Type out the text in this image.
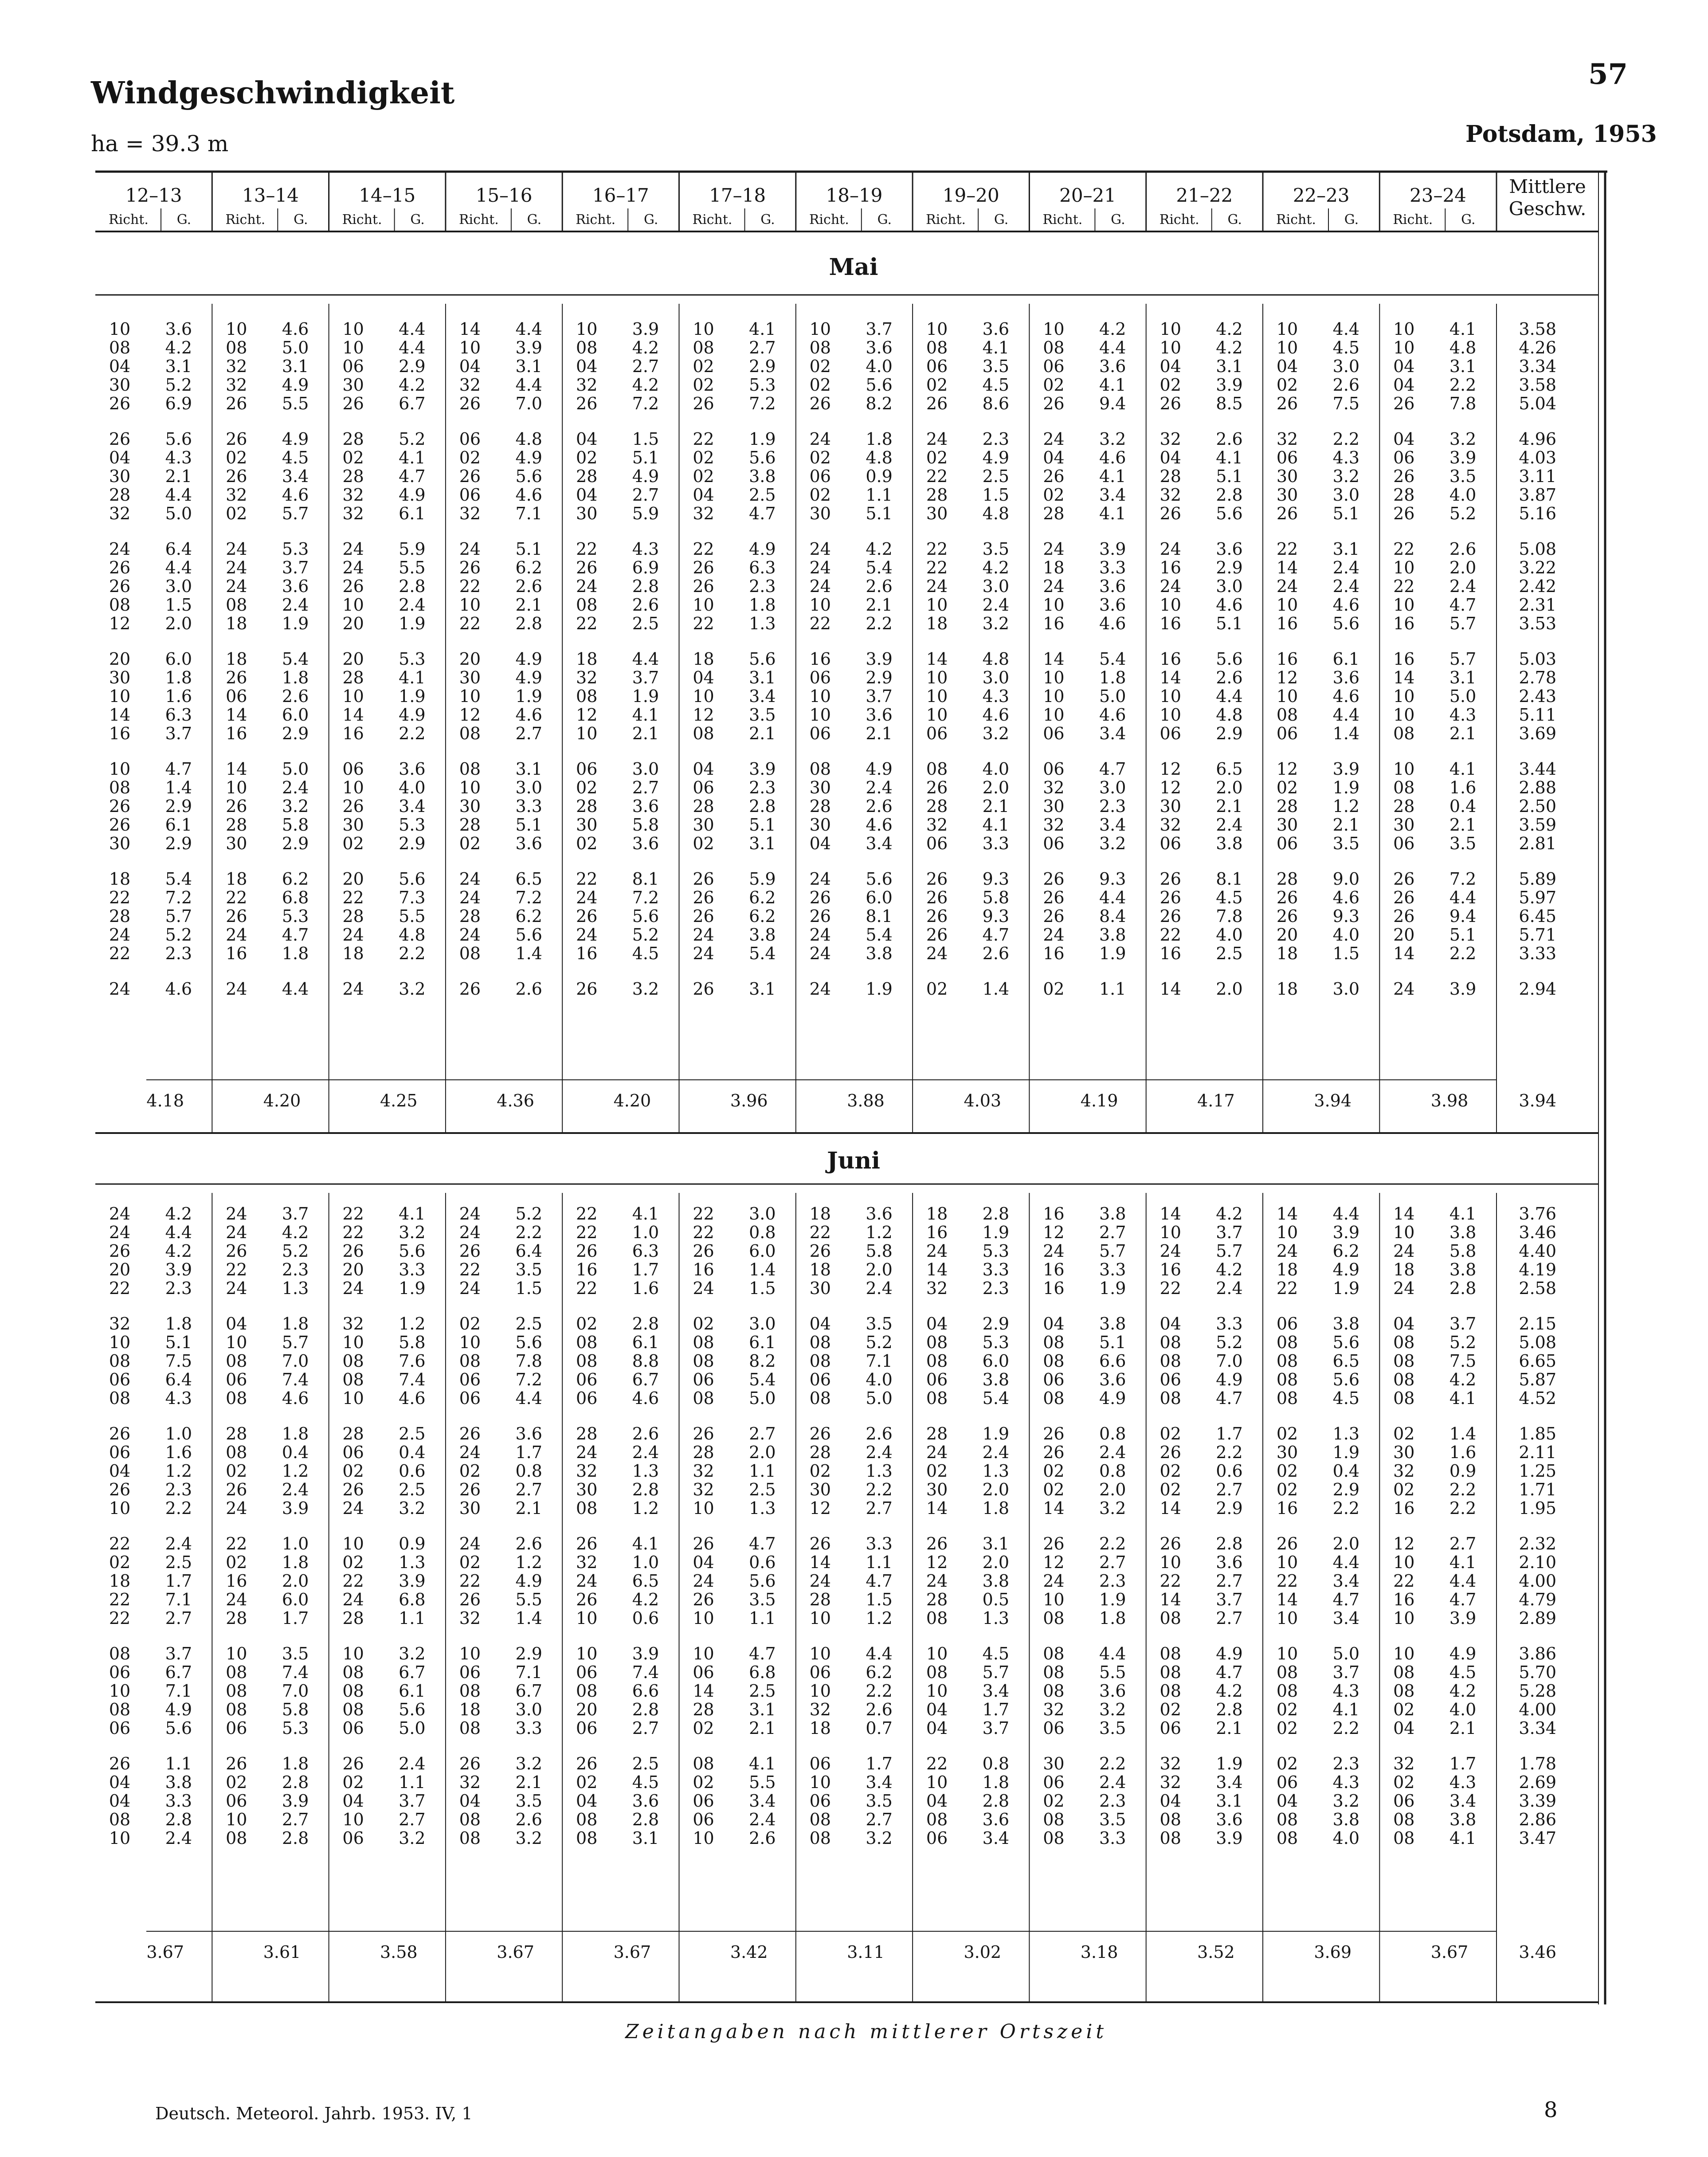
Windgeschwindigkeit
57
ha = 39.3 m	Potsdam, 1953
12–13
Richt. G.
13–14
Richt. G.
14–15
Richt. G.
15–16
Richt. G.
16–17
Richt. G.
17–18
Richt. G.
18–19
Richt. G.
19–20
Richt. G.
20–21
Richt. G.
21–22
Richt. G.
22–23
Richt. G.
23–24
Richt. G.
Mittlere
Geschw.
Mai
10 3.6 10 4.6 10 4.4 14 4.4 10 3.9 10 4.1 10 3.7 10 3.6 10 4.2 10 4.2 10 4.4 10 4.1	3.58
08 4.2 08 5.0 10 4.4 10 3.9 08 4.2 08 2.7 08 3.6 08 4.1 08 4.4 10 4.2 10 4.5 10 4.8	4.26
04 3.1 32 3.1 06 2.9 04 3.1 04 2.7 02 2.9 02 4.0 06 3.5 06 3.6 04 3.1 04 3.0 04 3.1	3.34
30 5.2 32 4.9 30 4.2 32 4.4 32 4.2 02 5.3 02 5.6 02 4.5 02 4.1 02 3.9 02 2.6 04 2.2	3.58
26 6.9 26 5.5 26 6.7 26 7.0 26 7.2 26 7.2 26 8.2 26 8.6 26 9.4 26 8.5 26 7.5 26 7.8	5.04
26 5.6 26 4.9 28 5.2 06 4.8 04 1.5 22 1.9 24 1.8 24 2.3 24 3.2 32 2.6 32 2.2 04 3.2	4.96
04 4.3 02 4.5 02 4.1 02 4.9 02 5.1 02 5.6 02 4.8 02 4.9 04 4.6 04 4.1 06 4.3 06 3.9	4.03
30 2.1 26 3.4 28 4.7 26 5.6 28 4.9 02 3.8 06 0.9 22 2.5 26 4.1 28 5.1 30 3.2 26 3.5	3.11
28 4.4 32 4.6 32 4.9 06 4.6 04 2.7 04 2.5 02 1.1 28 1.5 02 3.4 32 2.8 30 3.0 28 4.0	3.87
32 5.0 02 5.7 32 6.1 32 7.1 30 5.9 32 4.7 30 5.1 30 4.8 28 4.1 26 5.6 26 5.1 26 5.2	5.16
24 6.4 24 5.3 24 5.9 24 5.1 22 4.3 22 4.9 24 4.2 22 3.5 24 3.9 24 3.6 22 3.1 22 2.6	5.08
26 4.4 24 3.7 24 5.5 26 6.2 26 6.9 26 6.3 24 5.4 22 4.2 18 3.3 16 2.9 14 2.4 10 2.0	3.22
26 3.0 24 3.6 26 2.8 22 2.6 24 2.8 26 2.3 24 2.6 24 3.0 24 3.6 24 3.0 24 2.4 22 2.4	2.42
08 1.5 08 2.4 10 2.4 10 2.1 08 2.6 10 1.8 10 2.1 10 2.4 10 3.6 10 4.6 10 4.6 10 4.7	2.31
12 2.0 18 1.9 20 1.9 22 2.8 22 2.5 22 1.3 22 2.2 18 3.2 16 4.6 16 5.1 16 5.6 16 5.7	3.53
20 6.0 18 5.4 20 5.3 20 4.9 18 4.4 18 5.6 16 3.9 14 4.8 14 5.4 16 5.6 16 6.1 16 5.7	5.03
30 1.8 26 1.8 28 4.1 30 4.9 32 3.7 04 3.1 06 2.9 10 3.0 10 1.8 14 2.6 12 3.6 14 3.1	2.78
10 1.6 06 2.6 10 1.9 10 1.9 08 1.9 10 3.4 10 3.7 10 4.3 10 5.0 10 4.4 10 4.6 10 5.0	2.43
14 6.3 14 6.0 14 4.9 12 4.6 12 4.1 12 3.5 10 3.6 10 4.6 10 4.6 10 4.8 08 4.4 10 4.3	5.11
16 3.7 16 2.9 16 2.2 08 2.7 10 2.1 08 2.1 06 2.1 06 3.2 06 3.4 06 2.9 06 1.4 08 2.1	3.69
10 4.7 14 5.0 06 3.6 08 3.1 06 3.0 04 3.9 08 4.9 08 4.0 06 4.7 12 6.5 12 3.9 10 4.1	3.44
08 1.4 10 2.4 10 4.0 10 3.0 02 2.7 06 2.3 30 2.4 26 2.0 32 3.0 12 2.0 02 1.9 08 1.6	2.88
26 2.9 26 3.2 26 3.4 30 3.3 28 3.6 28 2.8 28 2.6 28 2.1 30 2.3 30 2.1 28 1.2 28 0.4	2.50
26 6.1 28 5.8 30 5.3 28 5.1 30 5.8 30 5.1 30 4.6 32 4.1 32 3.4 32 2.4 30 2.1 30 2.1	3.59
30 2.9 30 2.9 02 2.9 02 3.6 02 3.6 02 3.1 04 3.4 06 3.3 06 3.2 06 3.8 06 3.5 06 3.5	2.81
18 5.4 18 6.2 20 5.6 24 6.5 22 8.1 26 5.9 24 5.6 26 9.3 26 9.3 26 8.1 28 9.0 26 7.2	5.89
22 7.2 22 6.8 22 7.3 24 7.2 24 7.2 26 6.2 26 6.0 26 5.8 26 4.4 26 4.5 26 4.6 26 4.4	5.97
28 5.7 26 5.3 28 5.5 28 6.2 26 5.6 26 6.2 26 8.1 26 9.3 26 8.4 26 7.8 26 9.3 26 9.4	6.45
24 5.2 24 4.7 24 4.8 24 5.6 24 5.2 24 3.8 24 5.4 26 4.7 24 3.8 22 4.0 20 4.0 20 5.1	5.71
22 2.3 16 1.8 18 2.2 08 1.4 16 4.5 24 5.4 24 3.8 24 2.6 16 1.9 16 2.5 18 1.5 14 2.2	3.33
24 4.6 24 4.4 24 3.2 26 2.6 26 3.2 26 3.1 24 1.9 02 1.4 02 1.1 14 2.0 18 3.0 24 3.9	2.94
4.18	4.20	4.25	4.36	4.20	3.96	3.88	4.03	4.19	4.17	3.94	3.98	3.94
Juni
24 4.2 24 3.7 22 4.1 24 5.2 22 4.1 22 3.0 18 3.6 18 2.8 16 3.8 14 4.2 14 4.4 14 4.1	3.76
24 4.4 24 4.2 22 3.2 24 2.2 22 1.0 22 0.8 22 1.2 16 1.9 12 2.7 10 3.7 10 3.9 10 3.8	3.46
26 4.2 26 5.2 26 5.6 26 6.4 26 6.3 26 6.0 26 5.8 24 5.3 24 5.7 24 5.7 24 6.2 24 5.8	4.40
20 3.9 22 2.3 20 3.3 22 3.5 16 1.7 16 1.4 18 2.0 14 3.3 16 3.3 16 4.2 18 4.9 18 3.8	4.19
22 2.3 24 1.3 24 1.9 24 1.5 22 1.6 24 1.5 30 2.4 32 2.3 16 1.9 22 2.4 22 1.9 24 2.8	2.58
32 1.8 04 1.8 32 1.2 02 2.5 02 2.8 02 3.0 04 3.5 04 2.9 04 3.8 04 3.3 06 3.8 04 3.7	2.15
10 5.1 10 5.7 10 5.8 10 5.6 08 6.1 08 6.1 08 5.2 08 5.3 08 5.1 08 5.2 08 5.6 08 5.2	5.08
08 7.5 08 7.0 08 7.6 08 7.8 08 8.8 08 8.2 08 7.1 08 6.0 08 6.6 08 7.0 08 6.5 08 7.5	6.65
06 6.4 06 7.4 08 7.4 06 7.2 06 6.7 06 5.4 06 4.0 06 3.8 06 3.6 06 4.9 08 5.6 08 4.2	5.87
08 4.3 08 4.6 10 4.6 06 4.4 06 4.6 08 5.0 08 5.0 08 5.4 08 4.9 08 4.7 08 4.5 08 4.1	4.52
26 1.0 28 1.8 28 2.5 26 3.6 28 2.6 26 2.7 26 2.6 28 1.9 26 0.8 02 1.7 02 1.3 02 1.4	1.85
06 1.6 08 0.4 06 0.4 24 1.7 24 2.4 28 2.0 28 2.4 24 2.4 26 2.4 26 2.2 30 1.9 30 1.6	2.11
04 1.2 02 1.2 02 0.6 02 0.8 32 1.3 32 1.1 02 1.3 02 1.3 02 0.8 02 0.6 02 0.4 32 0.9	1.25
26 2.3 26 2.4 26 2.5 26 2.7 30 2.8 32 2.5 30 2.2 30 2.0 02 2.0 02 2.7 02 2.9 02 2.2	1.71
10 2.2 24 3.9 24 3.2 30 2.1 08 1.2 10 1.3 12 2.7 14 1.8 14 3.2 14 2.9 16 2.2 16 2.2	1.95
22 2.4 22 1.0 10 0.9 24 2.6 26 4.1 26 4.7 26 3.3 26 3.1 26 2.2 26 2.8 26 2.0 12 2.7	2.32
02 2.5 02 1.8 02 1.3 02 1.2 32 1.0 04 0.6 14 1.1 12 2.0 12 2.7 10 3.6 10 4.4 10 4.1	2.10
18 1.7 16 2.0 22 3.9 22 4.9 24 6.5 24 5.6 24 4.7 24 3.8 24 2.3 22 2.7 22 3.4 22 4.4	4.00
22 7.1 24 6.0 24 6.8 26 5.5 26 4.2 26 3.5 28 1.5 28 0.5 10 1.9 14 3.7 14 4.7 16 4.7	4.79
22 2.7 28 1.7 28 1.1 32 1.4 10 0.6 10 1.1 10 1.2 08 1.3 08 1.8 08 2.7 10 3.4 10 3.9	2.89
08 3.7 10 3.5 10 3.2 10 2.9 10 3.9 10 4.7 10 4.4 10 4.5 08 4.4 08 4.9 10 5.0 10 4.9	3.86
06 6.7 08 7.4 08 6.7 06 7.1 06 7.4 06 6.8 06 6.2 08 5.7 08 5.5 08 4.7 08 3.7 08 4.5	5.70
10 7.1 08 7.0 08 6.1 08 6.7 08 6.6 14 2.5 10 2.2 10 3.4 08 3.6 08 4.2 08 4.3 08 4.2	5.28
08 4.9 08 5.8 08 5.6 18 3.0 20 2.8 28 3.1 32 2.6 04 1.7 32 3.2 02 2.8 02 4.1 02 4.0	4.00
06 5.6 06 5.3 06 5.0 08 3.3 06 2.7 02 2.1 18 0.7 04 3.7 06 3.5 06 2.1 02 2.2 04 2.1	3.34
26 1.1 26 1.8 26 2.4 26 3.2 26 2.5 08 4.1 06 1.7 22 0.8 30 2.2 32 1.9 02 2.3 32 1.7	1.78
04 3.8 02 2.8 02 1.1 32 2.1 02 4.5 02 5.5 10 3.4 10 1.8 06 2.4 32 3.4 06 4.3 02 4.3	2.69
04 3.3 06 3.9 04 3.7 04 3.5 04 3.6 06 3.4 06 3.5 04 2.8 02 2.3 04 3.1 04 3.2 06 3.4	3.39
08 2.8 10 2.7 10 2.7 08 2.6 08 2.8 06 2.4 08 2.7 08 3.6 08 3.5 08 3.6 08 3.8 08 3.8	2.86
10 2.4 08 2.8 06 3.2 08 3.2 08 3.1 10 2.6 08 3.2 06 3.4 08 3.3 08 3.9 08 4.0 08 4.1	3.47
3.67	3.61	3.58	3.67	3.67	3.42	3.11	3.02	3.18	3.52	3.69	3.67	3.46
Zeitangaben nach mittlerer Ortszeit
Deutsch. Meteorol. Jahrb. 1953. IV, 1	8
